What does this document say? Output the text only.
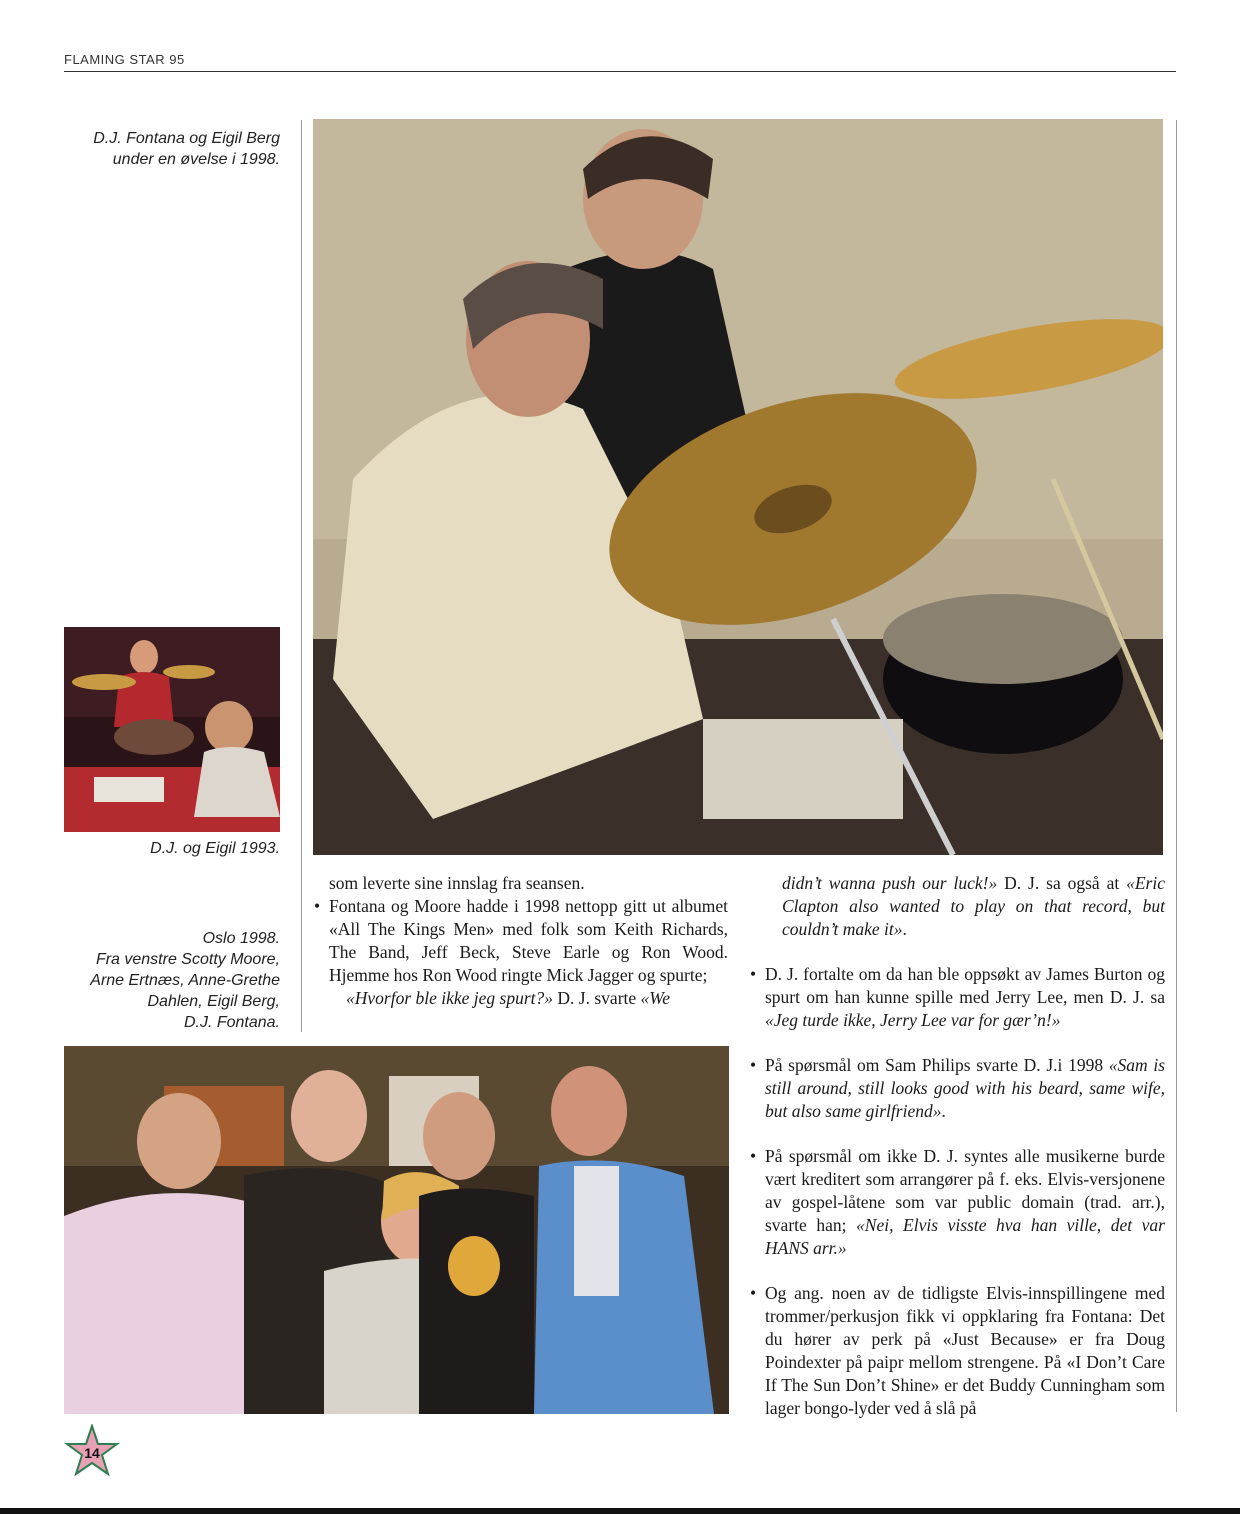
FLAMING STAR 95
D.J. Fontana og Eigil Berg
under en øvelse i 1998.
D.J. og Eigil 1993.
Oslo 1998.
Fra venstre Scotty Moore,
Arne Ertnæs, Anne-Grethe
Dahlen, Eigil Berg,
D.J. Fontana.

som leverte sine innslag fra seansen.

• Fontana og Moore hadde i 1998 nettopp gitt ut albumet «All The Kings Men» med folk som Keith Richards, The Band, Jeff Beck, Steve Earle og Ron Wood. Hjemme hos Ron Wood ringte Mick Jagger og spurte;

«Hvorfor ble ikke jeg spurt?» D. J. svarte «We

didn’t wanna push our luck!» D. J. sa også at «Eric Clapton also wanted to play on that record, but couldn’t make it».

• D. J. fortalte om da han ble oppsøkt av James Burton og spurt om han kunne spille med Jerry Lee, men D. J. sa «Jeg turde ikke, Jerry Lee var for gær’n!»

• På spørsmål om Sam Philips svarte D. J.i 1998 «Sam is still around, still looks good with his beard, same wife, but also same girlfriend».

• På spørsmål om ikke D. J. syntes alle musikerne burde vært kreditert som arrangører på f. eks. Elvis-versjonene av gospel-låtene som var public domain (trad. arr.), svarte han; «Nei, Elvis visste hva han ville, det var HANS arr.»

• Og ang. noen av de tidligste Elvis-innspillingene med trommer/perkusjon fikk vi oppklaring fra Fontana: Det du hører av perk på «Just Because» er fra Doug Poindexter på paipr mellom strengene. På «I Don’t Care If The Sun Don’t Shine» er det Buddy Cunningham som lager bongo-lyder ved å slå på

14
